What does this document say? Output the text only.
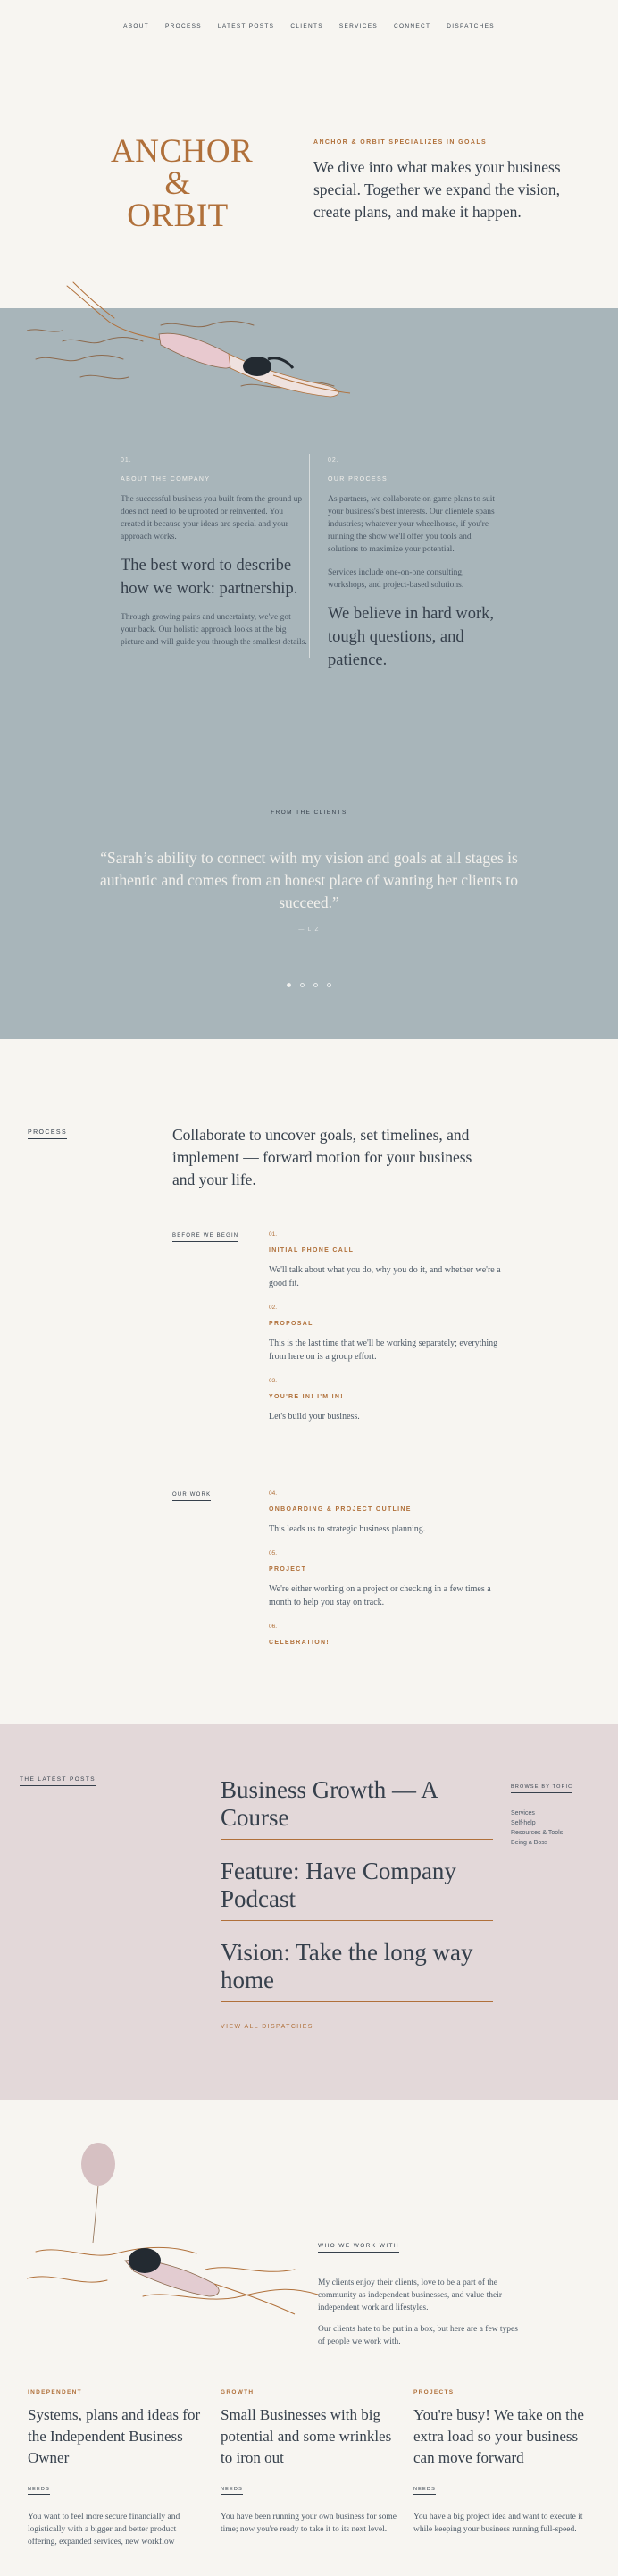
ABOUT	PROCESS	LATEST POSTS	CLIENTS	SERVICES	CONNECT	DISPATCHES
ANCHOR
& ORBIT
ANCHOR & ORBIT SPECIALIZES IN GOALS
We dive into what makes your business special. Together we expand the vision, create plans, and make it happen.
01.
ABOUT THE COMPANY

The successful business you built from the ground up does not need to be uprooted or reinvented. You created it because your ideas are special and your approach works.

The best word to describe how we work: partnership.

Through growing pains and uncertainty, we've got your back. Our holistic approach looks at the big picture and will guide you through the smallest details.

02.
OUR PROCESS

As partners, we collaborate on game plans to suit your business's best interests. Our clientele spans industries; whatever your wheelhouse, if you're running the show we'll offer you tools and solutions to maximize your potential.

Services include one-on-one consulting, workshops, and project-based solutions.

We believe in hard work, tough questions, and patience.
FROM THE CLIENTS
“Sarah’s ability to connect with my vision and goals at all stages is authentic and comes from an honest place of wanting her clients to succeed.”
— LIZ
PROCESS	Collaborate to uncover goals, set timelines, and implement — forward motion for your business and your life.
BEFORE WE BEGIN	01.
INITIAL PHONE CALL
We'll talk about what you do, why you do it, and whether we're a good fit.
02.
PROPOSAL
This is the last time that we'll be working separately; everything from here on is a group effort.
03.
YOU'RE IN! I'M IN!
Let's build your business.
OUR WORK	04.
ONBOARDING & PROJECT OUTLINE
This leads us to strategic business planning.
05.
PROJECT
We're either working on a project or checking in a few times a month to help you stay on track.
06.
CELEBRATION!
THE LATEST POSTS	Business Growth — A Course
Feature: Have Company Podcast
Vision: Take the long way home
VIEW ALL DISPATCHES
BROWSE BY TOPIC
Services
Self-help
Resources & Tools
Being a Boss
WHO WE WORK WITH

My clients enjoy their clients, love to be a part of the community as independent businesses, and value their independent work and lifestyles.

Our clients hate to be put in a box, but here are a few types of people we work with.

INDEPENDENT
Systems, plans and ideas for the Independent Business Owner
NEEDS
You want to feel more secure financially and logistically with a bigger and better product offering, expanded services, new workflow
GROWTH
Small Businesses with big potential and some wrinkles to iron out
NEEDS
You have been running your own business for some time; now you're ready to take it to its next level.
PROJECTS
You're busy! We take on the extra load so your business can move forward
NEEDS
You have a big project idea and want to execute it while keeping your business running full-speed.
